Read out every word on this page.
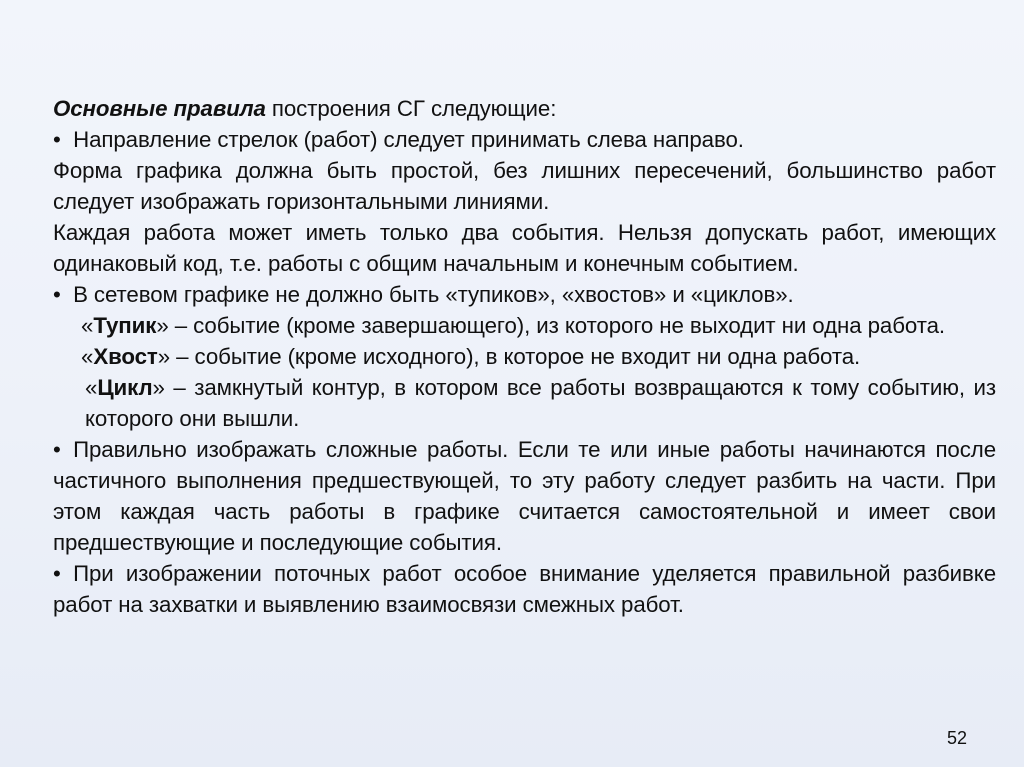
Основные правила построения СГ следующие:

• Направление стрелок (работ) следует принимать слева направо.

Форма графика должна быть простой, без лишних пересечений, большинство работ следует изображать горизонтальными линиями.

Каждая работа может иметь только два события. Нельзя допускать работ, имеющих одинаковый код, т.е. работы с общим начальным и конечным событием.

• В сетевом графике не должно быть «тупиков», «хвостов» и «циклов».

«Тупик» – событие (кроме завершающего), из которого не выходит ни одна работа.

«Хвост» – событие (кроме исходного), в которое не входит ни одна работа.

«Цикл» – замкнутый контур, в котором все работы возвращаются к тому событию, из которого они вышли.

• Правильно изображать сложные работы. Если те или иные работы начинаются после частичного выполнения предшествующей, то эту работу следует разбить на части. При этом каждая часть работы в графике считается самостоятельной и имеет свои предшествующие и последующие события.

• При изображении поточных работ особое внимание уделяется правильной разбивке работ на захватки и выявлению взаимосвязи смежных работ.

52
